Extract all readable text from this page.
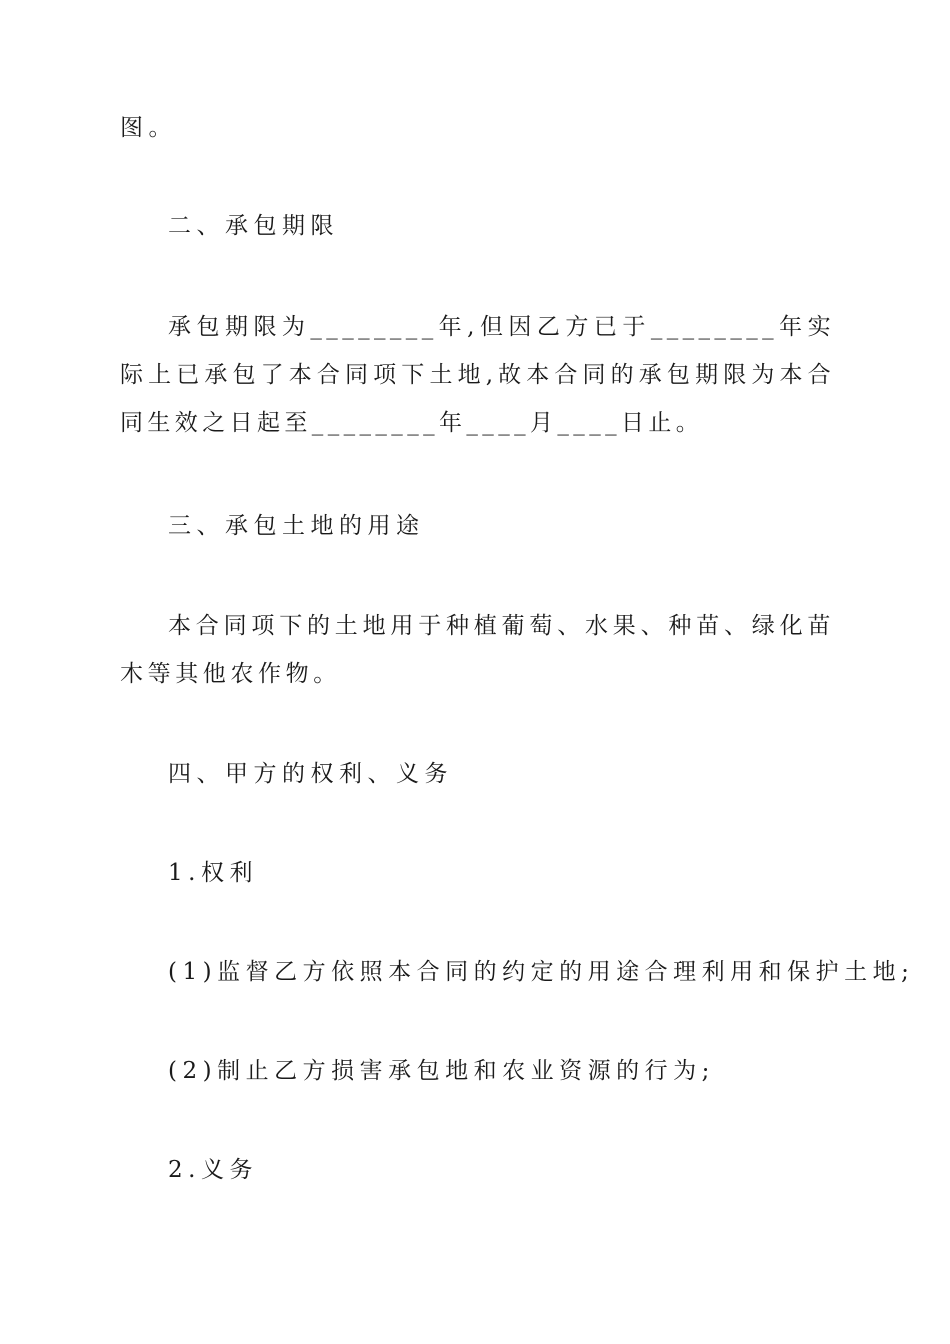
图。

二、承包期限

承包期限为________年,但因乙方已于________年实际上已承包了本合同项下土地,故本合同的承包期限为本合同生效之日起至________年____月____日止。

三、承包土地的用途

本合同项下的土地用于种植葡萄、水果、种苗、绿化苗木等其他农作物。

四、甲方的权利、义务

1.权利

(1)监督乙方依照本合同的约定的用途合理利用和保护土地;

(2)制止乙方损害承包地和农业资源的行为;

2.义务
